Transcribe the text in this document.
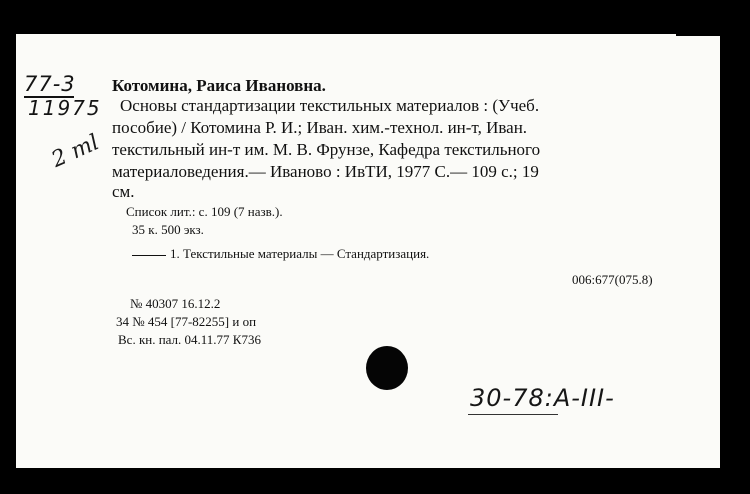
77-3
11975
2 ml
Котомина, Раиса Ивановна.
Основы стандартизации текстильных материалов : (Учеб.
пособие) / Котомина Р. И.; Иван. хим.-технол. ин-т, Иван.
текстильный ин-т им. М. В. Фрунзе, Кафедра текстильного
материаловедения.— Иваново : ИвТИ, 1977 С.— 109 с.; 19
см.
Список лит.: с. 109 (7 назв.).
35 к. 500 экз.
1. Текстильные материалы — Стандартизация.
006:677(075.8)
№ 40307 16.12.2
34 № 454 [77-82255] и оп
Вс. кн. пал. 04.11.77 К736
30-78:A-III-
